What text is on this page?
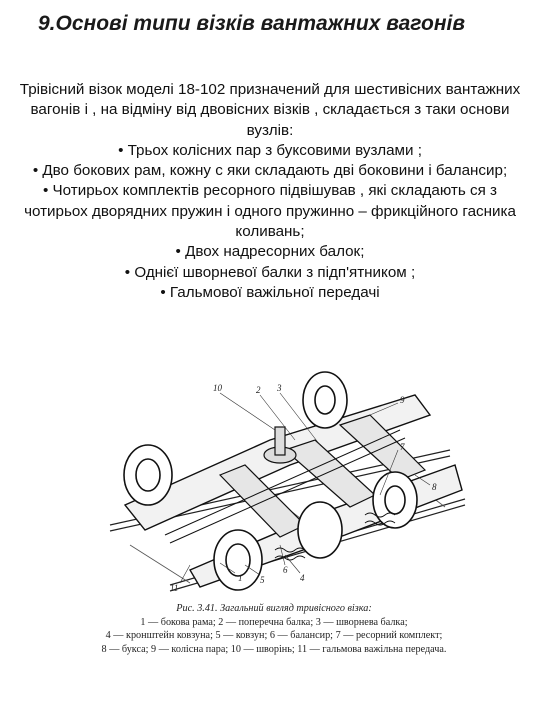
9.Основі типи візків вантажних вагонів

Трівісний візок моделі 18-102 призначений для шестивісних вантажних вагонів і , на відміну від двовісних візків , складається з таки основи вузлів:

• Трьох колісних пар з буксовими вузлами ;

• Дво бокових рам, кожну с яки складають дві боковини і балансир;

• Чотирьох комплектів ресорного підвішував , які складають ся з чотирьох дворядних пружин і одного пружинно – фрикційного гасника коливань;

• Двох надресорних балок;

• Однієї шворневої балки з підп'ятником ;

• Гальмової важільної передачі

10	2 3
9
7
8
1 5	4
6
11
Рис. 3.41. Загальний вигляд тривісного візка:
1 — бокова рама; 2 — поперечна балка; 3 — шворнева балка;
4 — кронштейн ковзуна; 5 — ковзун; 6 — балансир; 7 — ресорний комплект;
8 — букса; 9 — колісна пара; 10 — шворінь; 11 — гальмова важільна передача.
